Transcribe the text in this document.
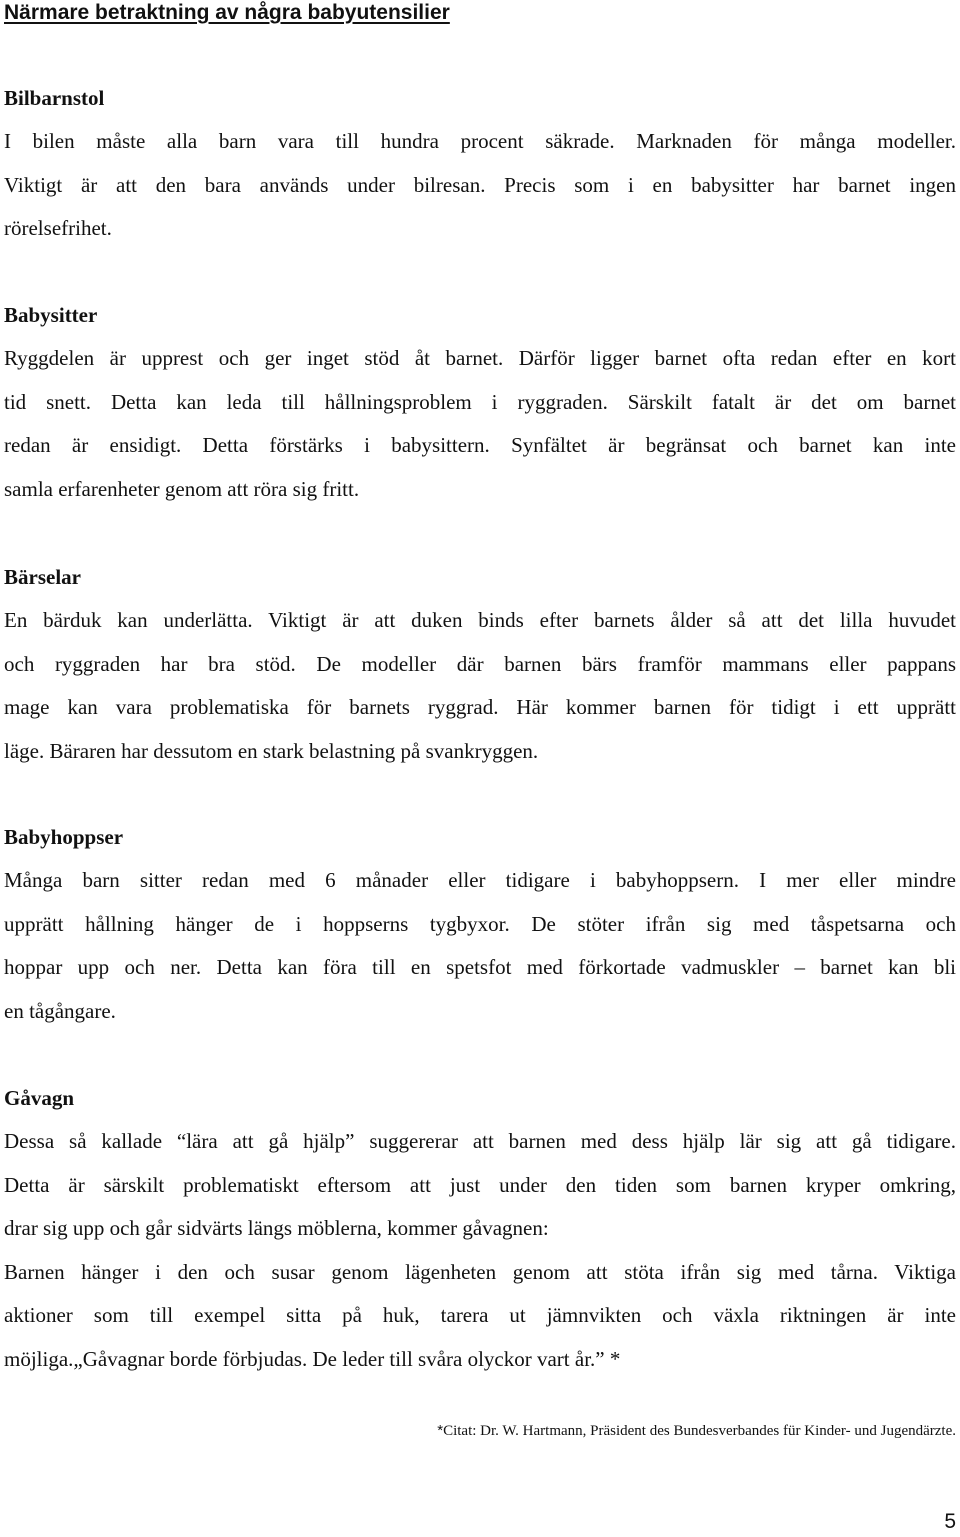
Närmare betraktning av några babyutensilier
Bilbarnstol

I bilen måste alla barn vara till hundra procent säkrade. Marknaden för många modeller.
Viktigt är att den bara används under bilresan. Precis som i en babysitter har barnet ingen
rörelsefrihet.

Babysitter

Ryggdelen är upprest och ger inget stöd åt barnet. Därför ligger barnet ofta redan efter en kort
tid snett. Detta kan leda till hållningsproblem i ryggraden. Särskilt fatalt är det om barnet
redan är ensidigt. Detta förstärks i babysittern. Synfältet är begränsat och barnet kan inte
samla erfarenheter genom att röra sig fritt.

Bärselar

En bärduk kan underlätta. Viktigt är att duken binds efter barnets ålder så att det lilla huvudet
och ryggraden har bra stöd. De modeller där barnen bärs framför mammans eller pappans
mage kan vara problematiska för barnets ryggrad. Här kommer barnen för tidigt i ett upprätt
läge. Bäraren har dessutom en stark belastning på svankryggen.

Babyhoppser

Många barn sitter redan med 6 månader eller tidigare i babyhoppsern. I mer eller mindre
upprätt hållning hänger de i hoppserns tygbyxor. De stöter ifrån sig med tåspetsarna och
hoppar upp och ner. Detta kan föra till en spetsfot med förkortade vadmuskler – barnet kan bli
en tågångare.

Gåvagn

Dessa så kallade “lära att gå hjälp” suggererar att barnen med dess hjälp lär sig att gå tidigare.
Detta är särskilt problematiskt eftersom att just under den tiden som barnen kryper omkring,
drar sig upp och går sidvärts längs möblerna, kommer gåvagnen:
Barnen hänger i den och susar genom lägenheten genom att stöta ifrån sig med tårna. Viktiga
aktioner som till exempel sitta på huk, tarera ut jämnvikten och växla riktningen är inte
möjliga.„Gåvagnar borde förbjudas. De leder till svåra olyckor vart år.” *

*Citat: Dr. W. Hartmann, Präsident des Bundesverbandes für Kinder- und Jugendärzte.

5
